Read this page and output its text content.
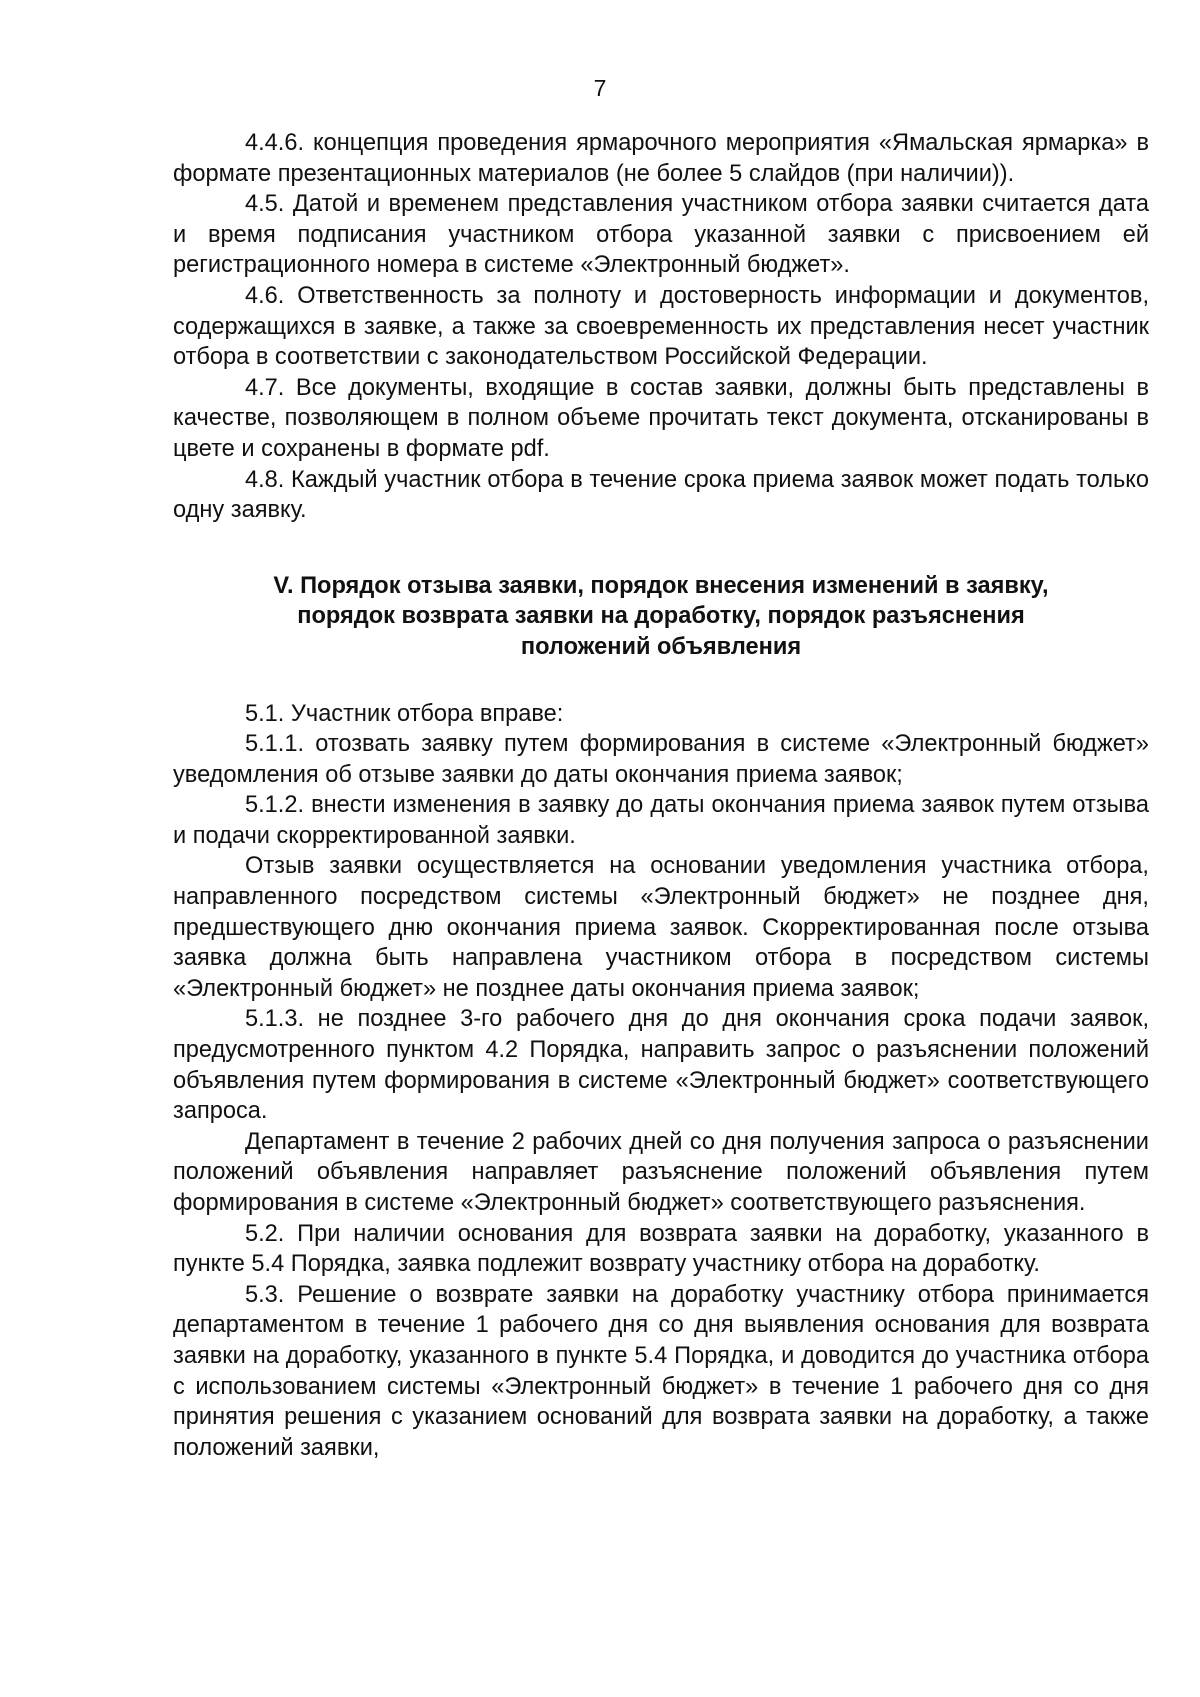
7

4.4.6. концепция проведения ярмарочного мероприятия «Ямальская ярмарка» в формате презентационных материалов (не более 5 слайдов (при наличии)).

4.5. Датой и временем представления участником отбора заявки считается дата и время подписания участником отбора указанной заявки с присвоением ей регистрационного номера в системе «Электронный бюджет».

4.6. Ответственность за полноту и достоверность информации и документов, содержащихся в заявке, а также за своевременность их представления несет участник отбора в соответствии с законодательством Российской Федерации.

4.7. Все документы, входящие в состав заявки, должны быть представлены в качестве, позволяющем в полном объеме прочитать текст документа, отсканированы в цвете и сохранены в формате pdf.

4.8. Каждый участник отбора в течение срока приема заявок может подать только одну заявку.

V. Порядок отзыва заявки, порядок внесения изменений в заявку,
порядок возврата заявки на доработку, порядок разъяснения
положений объявления

5.1. Участник отбора вправе:

5.1.1. отозвать заявку путем формирования в системе «Электронный бюджет» уведомления об отзыве заявки до даты окончания приема заявок;

5.1.2. внести изменения в заявку до даты окончания приема заявок путем отзыва и подачи скорректированной заявки.

Отзыв заявки осуществляется на основании уведомления участника отбора, направленного посредством системы «Электронный бюджет» не позднее дня, предшествующего дню окончания приема заявок. Скорректированная после отзыва заявка должна быть направлена участником отбора в посредством системы «Электронный бюджет» не позднее даты окончания приема заявок;

5.1.3. не позднее 3-го рабочего дня до дня окончания срока подачи заявок, предусмотренного пунктом 4.2 Порядка, направить запрос о разъяснении положений объявления путем формирования в системе «Электронный бюджет» соответствующего запроса.

Департамент в течение 2 рабочих дней со дня получения запроса о разъяснении положений объявления направляет разъяснение положений объявления путем формирования в системе «Электронный бюджет» соответствующего разъяснения.

5.2. При наличии основания для возврата заявки на доработку, указанного в пункте 5.4 Порядка, заявка подлежит возврату участнику отбора на доработку.

5.3. Решение о возврате заявки на доработку участнику отбора принимается департаментом в течение 1 рабочего дня со дня выявления основания для возврата заявки на доработку, указанного в пункте 5.4 Порядка, и доводится до участника отбора с использованием системы «Электронный бюджет» в течение 1 рабочего дня со дня принятия решения с указанием оснований для возврата заявки на доработку, а также положений заявки,
